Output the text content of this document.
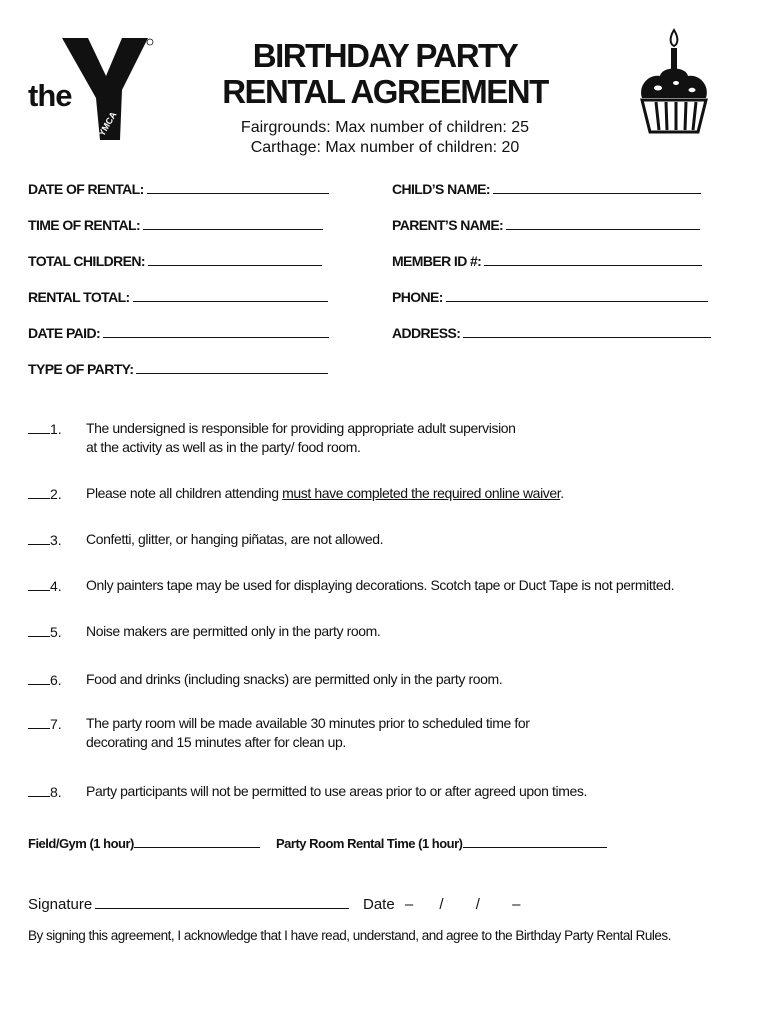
the
YMCA
BIRTHDAY PARTY
RENTAL AGREEMENT
Fairgrounds: Max number of children: 25
Carthage: Max number of children: 20
DATE OF RENTAL:
TIME OF RENTAL:
TOTAL CHILDREN:
RENTAL TOTAL:
DATE PAID:
TYPE OF PARTY:
CHILD’S NAME:
PARENT’S NAME:
MEMBER ID #:
PHONE:
ADDRESS:
1.	The undersigned is responsible for providing appropriate adult supervision
at the activity as well as in the party/ food room.
2.	Please note all children attending must have completed the required online waiver.
3.	Confetti, glitter, or hanging piñatas, are not allowed.
4.	Only painters tape may be used for displaying decorations. Scotch tape or Duct Tape is not permitted.
5.	Noise makers are permitted only in the party room.
6.	Food and drinks (including snacks) are permitted only in the party room.
7.	The party room will be made available 30 minutes prior to scheduled time for
decorating and 15 minutes after for clean up.
8.	Party participants will not be permitted to use areas prior to or after agreed upon times.
Field/Gym (1 hour)	Party Room Rental Time (1 hour)
Signature	Date – / / –
By signing this agreement, I acknowledge that I have read, understand, and agree to the Birthday Party Rental Rules.
